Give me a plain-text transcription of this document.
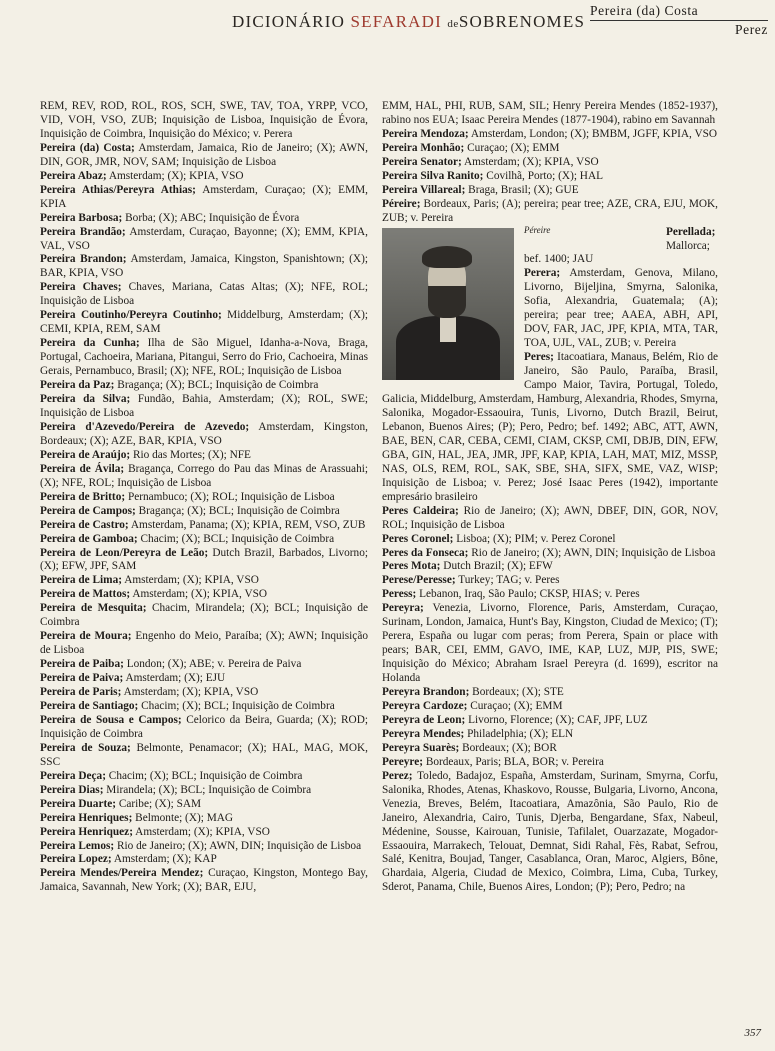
DICIONÁRIO SEFARADI deSOBRENOMES
Pereira (da) Costa
Perez

REM, REV, ROD, ROL, ROS, SCH, SWE, TAV, TOA, YRPP, VCO, VID, VOH, VSO, ZUB; Inquisição de Lisboa, Inquisição de Évora, Inquisição de Coimbra, Inquisição do México; v. Perera

Pereira (da) Costa; Amsterdam, Jamaica, Rio de Janeiro; (X); AWN, DIN, GOR, JMR, NOV, SAM; Inquisição de Lisboa

Pereira Abaz; Amsterdam; (X); KPIA, VSO

Pereira Athias/Pereyra Athias; Amsterdam, Curaçao; (X); EMM, KPIA

Pereira Barbosa; Borba; (X); ABC; Inquisição de Évora

Pereira Brandão; Amsterdam, Curaçao, Bayonne; (X); EMM, KPIA, VAL, VSO

Pereira Brandon; Amsterdam, Jamaica, Kingston, Spanishtown; (X); BAR, KPIA, VSO

Pereira Chaves; Chaves, Mariana, Catas Altas; (X); NFE, ROL; Inquisição de Lisboa

Pereira Coutinho/Pereyra Coutinho; Middelburg, Amsterdam; (X); CEMI, KPIA, REM, SAM

Pereira da Cunha; Ilha de São Miguel, Idanha-a-Nova, Braga, Portugal, Cachoeira, Mariana, Pitangui, Serro do Frio, Cachoeira, Minas Gerais, Pernambuco, Brasil; (X); NFE, ROL; Inquisição de Lisboa

Pereira da Paz; Bragança; (X); BCL; Inquisição de Coimbra

Pereira da Silva; Fundão, Bahia, Amsterdam; (X); ROL, SWE; Inquisição de Lisboa

Pereira d'Azevedo/Pereira de Azevedo; Amsterdam, Kingston, Bordeaux; (X); AZE, BAR, KPIA, VSO

Pereira de Araújo; Rio das Mortes; (X); NFE

Pereira de Ávila; Bragança, Corrego do Pau das Minas de Arassuahi; (X); NFE, ROL; Inquisição de Lisboa

Pereira de Britto; Pernambuco; (X); ROL; Inquisição de Lisboa

Pereira de Campos; Bragança; (X); BCL; Inquisição de Coimbra

Pereira de Castro; Amsterdam, Panama; (X); KPIA, REM, VSO, ZUB

Pereira de Gamboa; Chacim; (X); BCL; Inquisição de Coimbra

Pereira de Leon/Pereyra de Leão; Dutch Brazil, Barbados, Livorno; (X); EFW, JPF, SAM

Pereira de Lima; Amsterdam; (X); KPIA, VSO

Pereira de Mattos; Amsterdam; (X); KPIA, VSO

Pereira de Mesquita; Chacim, Mirandela; (X); BCL; Inquisição de Coimbra

Pereira de Moura; Engenho do Meio, Paraíba; (X); AWN; Inquisição de Lisboa

Pereira de Paiba; London; (X); ABE; v. Pereira de Paiva

Pereira de Paiva; Amsterdam; (X); EJU

Pereira de Paris; Amsterdam; (X); KPIA, VSO

Pereira de Santiago; Chacim; (X); BCL; Inquisição de Coimbra

Pereira de Sousa e Campos; Celorico da Beira, Guarda; (X); ROD; Inquisição de Coimbra

Pereira de Souza; Belmonte, Penamacor; (X); HAL, MAG, MOK, SSC

Pereira Deça; Chacim; (X); BCL; Inquisição de Coimbra

Pereira Dias; Mirandela; (X); BCL; Inquisição de Coimbra

Pereira Duarte; Caribe; (X); SAM

Pereira Henriques; Belmonte; (X); MAG

Pereira Henriquez; Amsterdam; (X); KPIA, VSO

Pereira Lemos; Rio de Janeiro; (X); AWN, DIN; Inquisição de Lisboa

Pereira Lopez; Amsterdam; (X); KAP

Pereira Mendes/Pereira Mendez; Curaçao, Kingston, Montego Bay, Jamaica, Savannah, New York; (X); BAR, EJU,

EMM, HAL, PHI, RUB, SAM, SIL; Henry Pereira Mendes (1852-1937), rabino nos EUA; Isaac Pereira Mendes (1877-1904), rabino em Savannah

Pereira Mendoza; Amsterdam, London; (X); BMBM, JGFF, KPIA, VSO

Pereira Monhão; Curaçao; (X); EMM

Pereira Senator; Amsterdam; (X); KPIA, VSO

Pereira Silva Ranito; Covilhã, Porto; (X); HAL

Pereira Villareal; Braga, Brasil; (X); GUE

Péreire; Bordeaux, Paris; (A); pereira; pear tree; AZE, CRA, EJU, MOK, ZUB; v. Pereira

Péreire	Perellada; Mallorca; bef. 1400; JAU

Perera; Amsterdam, Genova, Milano, Livorno, Bijeljina, Smyrna, Salonika, Sofia, Alexandria, Guatemala; (A); pereira; pear tree; AAEA, ABH, API, DOV, FAR, JAC, JPF, KPIA, MTA, TAR, TOA, UJL, VAL, ZUB; v. Pereira

Peres; Itacoatiara, Manaus, Belém, Rio de Janeiro, São Paulo, Paraíba, Brasil, Campo Maior, Tavira, Portugal, Toledo, Galicia, Middelburg, Amsterdam, Hamburg, Alexandria, Rhodes, Smyrna, Salonika, Mogador-Essaouira, Tunis, Livorno, Dutch Brazil, Beirut, Lebanon, Buenos Aires; (P); Pero, Pedro; bef. 1492; ABC, ATT, AWN, BAE, BEN, CAR, CEBA, CEMI, CIAM, CKSP, CMI, DBJB, DIN, EFW, GBA, GIN, HAL, JEA, JMR, JPF, KAP, KPIA, LAH, MAT, MIZ, MSSP, NAS, OLS, REM, ROL, SAK, SBE, SHA, SIFX, SME, VAZ, WISP; Inquisição de Lisboa; v. Perez; José Isaac Peres (1942), importante empresário brasileiro

Peres Caldeira; Rio de Janeiro; (X); AWN, DBEF, DIN, GOR, NOV, ROL; Inquisição de Lisboa

Peres Coronel; Lisboa; (X); PIM; v. Perez Coronel

Peres da Fonseca; Rio de Janeiro; (X); AWN, DIN; Inquisição de Lisboa

Peres Mota; Dutch Brazil; (X); EFW

Perese/Peresse; Turkey; TAG; v. Peres

Peress; Lebanon, Iraq, São Paulo; CKSP, HIAS; v. Peres

Pereyra; Venezia, Livorno, Florence, Paris, Amsterdam, Curaçao, Surinam, London, Jamaica, Hunt's Bay, Kingston, Ciudad de Mexico; (T); Perera, España ou lugar com peras; from Perera, Spain or place with pears; BAR, CEI, EMM, GAVO, IME, KAP, LUZ, MJP, PIS, SWE; Inquisição do México; Abraham Israel Pereyra (d. 1699), escritor na Holanda

Pereyra Brandon; Bordeaux; (X); STE

Pereyra Cardoze; Curaçao; (X); EMM

Pereyra de Leon; Livorno, Florence; (X); CAF, JPF, LUZ

Pereyra Mendes; Philadelphia; (X); ELN

Pereyra Suarès; Bordeaux; (X); BOR

Pereyre; Bordeaux, Paris; BLA, BOR; v. Pereira

Perez; Toledo, Badajoz, España, Amsterdam, Surinam, Smyrna, Corfu, Salonika, Rhodes, Atenas, Khaskovo, Rousse, Bulgaria, Livorno, Ancona, Venezia, Breves, Belém, Itacoatiara, Amazônia, São Paulo, Rio de Janeiro, Alexandria, Cairo, Tunis, Djerba, Bengardane, Sfax, Nabeul, Médenine, Sousse, Kairouan, Tunisie, Tafilalet, Ouarzazate, Mogador-Essaouira, Marrakech, Telouat, Demnat, Sidi Rahal, Fès, Rabat, Sefrou, Salé, Kenitra, Boujad, Tanger, Casablanca, Oran, Maroc, Algiers, Bône, Ghardaia, Algeria, Ciudad de Mexico, Coimbra, Lima, Cuba, Turkey, Sderot, Panama, Chile, Buenos Aires, London; (P); Pero, Pedro; na

357
